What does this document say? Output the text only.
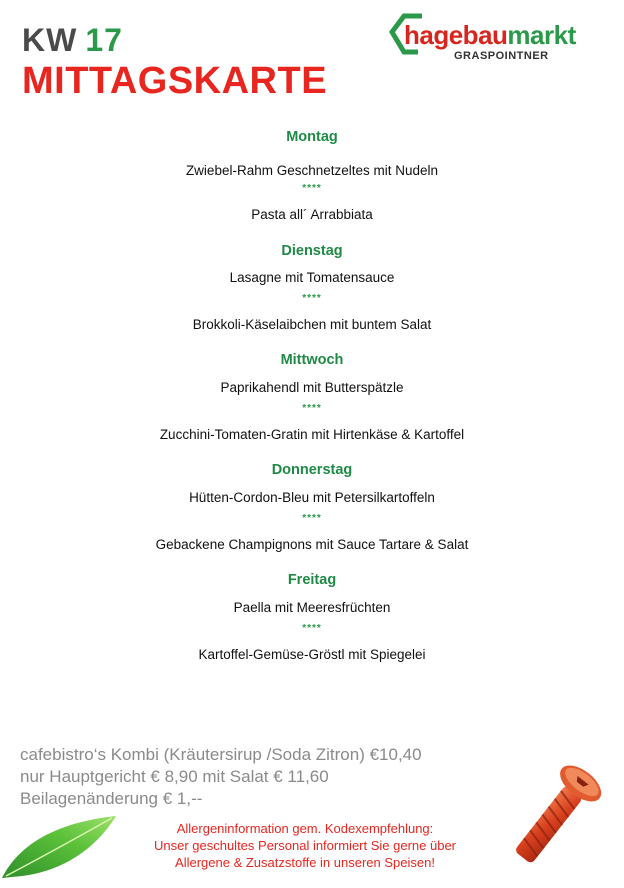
KW 17
MITTAGSKARTE
hagebaumarkt
GRASPOINTNER
Montag
Zwiebel-Rahm Geschnetzeltes mit Nudeln
****
Pasta all´ Arrabbiata
Dienstag
Lasagne mit Tomatensauce
****
Brokkoli-Käselaibchen mit buntem Salat
Mittwoch
Paprikahendl mit Butterspätzle
****
Zucchini-Tomaten-Gratin mit Hirtenkäse & Kartoffel
Donnerstag
Hütten-Cordon-Bleu mit Petersilkartoffeln
****
Gebackene Champignons mit Sauce Tartare & Salat
Freitag
Paella mit Meeresfrüchten
****
Kartoffel-Gemüse-Gröstl mit Spiegelei
cafebistro‘s Kombi (Kräutersirup /Soda Zitron) €10,40
nur Hauptgericht € 8,90 mit Salat € 11,60
Beilagenänderung € 1,--
Allergeninformation gem. Kodexempfehlung:
Unser geschultes Personal informiert Sie gerne über
Allergene & Zusatzstoffe in unseren Speisen!
